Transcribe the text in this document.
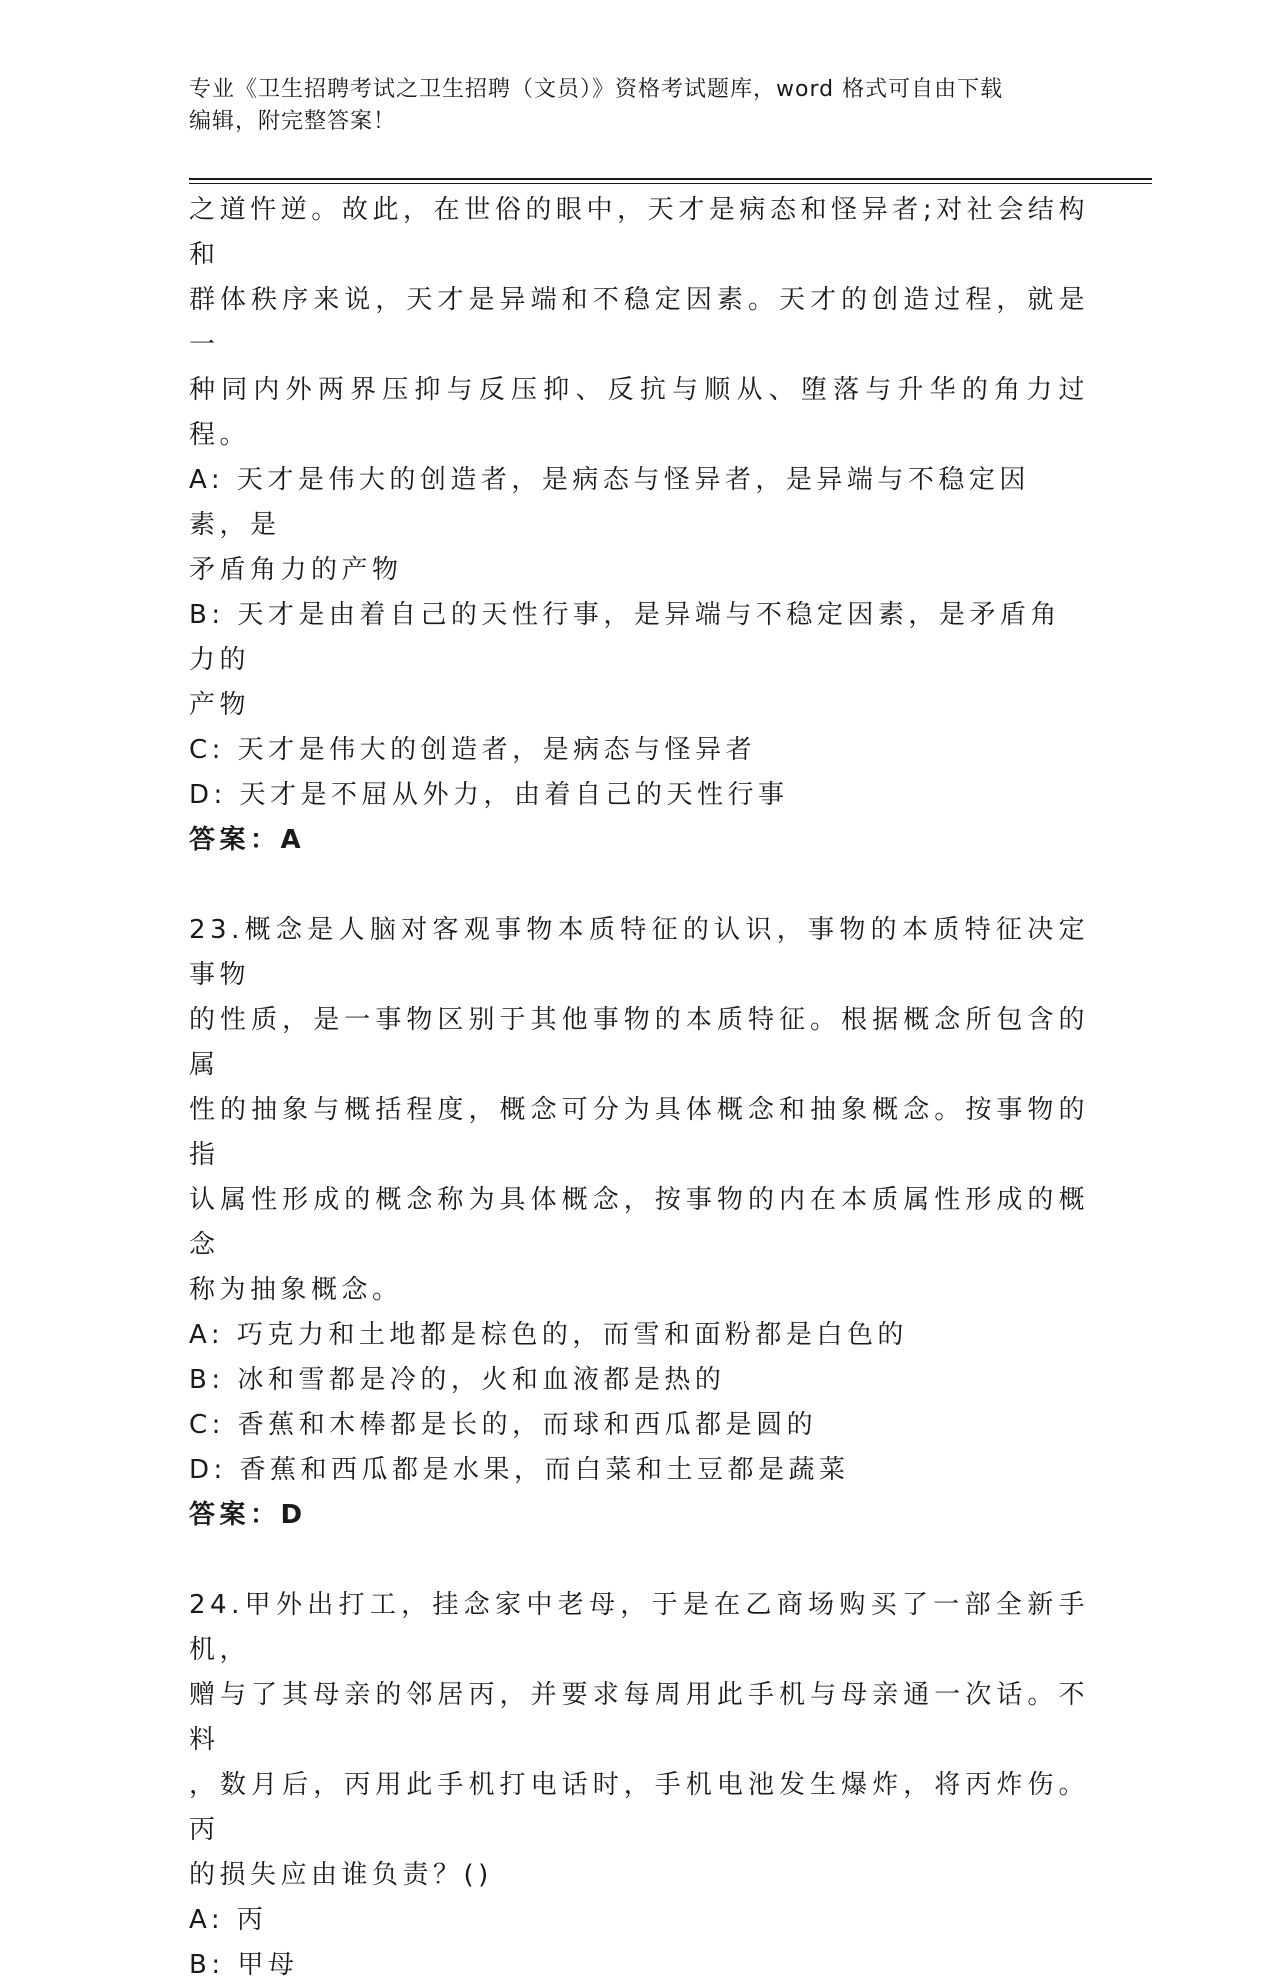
专业《卫生招聘考试之卫生招聘（文员）》资格考试题库，word 格式可自由下载
编辑，附完整答案！
之道忤逆。故此，在世俗的眼中，天才是病态和怪异者;对社会结构和
群体秩序来说，天才是异端和不稳定因素。天才的创造过程，就是一
种同内外两界压抑与反压抑、反抗与顺从、堕落与升华的角力过程。
A: 天才是伟大的创造者，是病态与怪异者，是异端与不稳定因素，是
矛盾角力的产物
B: 天才是由着自己的天性行事，是异端与不稳定因素，是矛盾角力的
产物
C: 天才是伟大的创造者，是病态与怪异者
D: 天才是不屈从外力，由着自己的天性行事
答案：A
23.概念是人脑对客观事物本质特征的认识，事物的本质特征决定事物
的性质，是一事物区别于其他事物的本质特征。根据概念所包含的属
性的抽象与概括程度，概念可分为具体概念和抽象概念。按事物的指
认属性形成的概念称为具体概念，按事物的内在本质属性形成的概念
称为抽象概念。
A: 巧克力和土地都是棕色的，而雪和面粉都是白色的
B: 冰和雪都是冷的，火和血液都是热的
C: 香蕉和木棒都是长的，而球和西瓜都是圆的
D: 香蕉和西瓜都是水果，而白菜和土豆都是蔬菜
答案：D
24.甲外出打工，挂念家中老母，于是在乙商场购买了一部全新手机，
赠与了其母亲的邻居丙，并要求每周用此手机与母亲通一次话。不料
，数月后，丙用此手机打电话时，手机电池发生爆炸，将丙炸伤。丙
的损失应由谁负责？()
A: 丙
B: 甲母
